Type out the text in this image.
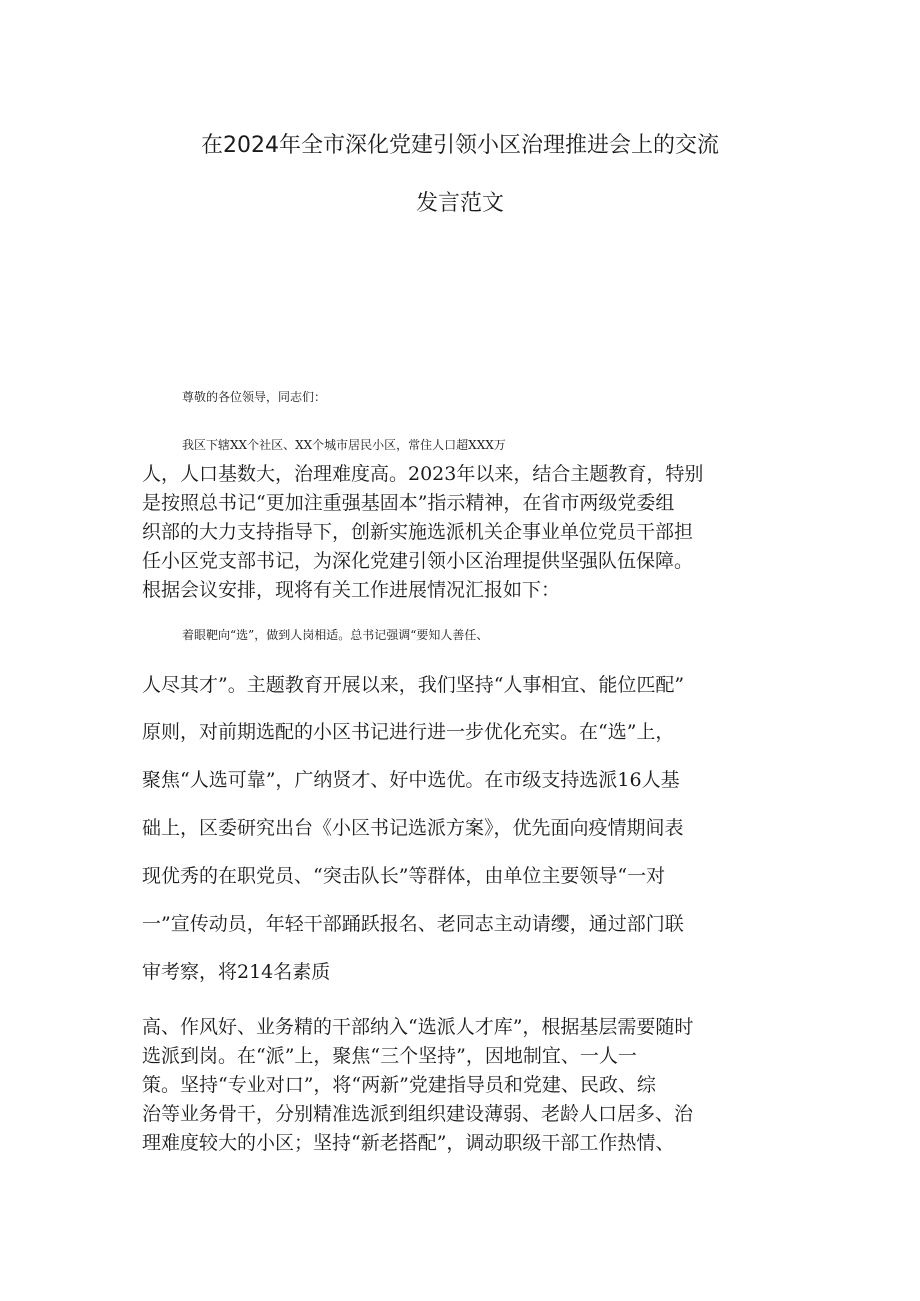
在2024年全市深化党建引领小区治理推进会上的交流
发言范文
尊敬的各位领导，同志们：
我区下辖XX个社区、XX个城市居民小区，常住人口超XXX万
人，人口基数大，治理难度高。2023年以来，结合主题教育，特别
是按照总书记“更加注重强基固本”指示精神，在省市两级党委组
织部的大力支持指导下，创新实施选派机关企事业单位党员干部担
任小区党支部书记，为深化党建引领小区治理提供坚强队伍保障。
根据会议安排，现将有关工作进展情况汇报如下：
着眼靶向“选”，做到人岗相适。总书记强调“要知人善任、
人尽其才”。主题教育开展以来，我们坚持“人事相宜、能位匹配”
原则，对前期选配的小区书记进行进一步优化充实。在“选”上，
聚焦“人选可靠”，广纳贤才、好中选优。在市级支持选派16人基
础上，区委研究出台《小区书记选派方案》，优先面向疫情期间表
现优秀的在职党员、“突击队长”等群体，由单位主要领导“一对
一”宣传动员，年轻干部踊跃报名、老同志主动请缨，通过部门联
审考察，将214名素质
高、作风好、业务精的干部纳入“选派人才库”，根据基层需要随时
选派到岗。在“派”上，聚焦“三个坚持”，因地制宜、一人一
策。坚持“专业对口”，将“两新”党建指导员和党建、民政、综
治等业务骨干，分别精准选派到组织建设薄弱、老龄人口居多、治
理难度较大的小区；坚持“新老搭配”，调动职级干部工作热情、
